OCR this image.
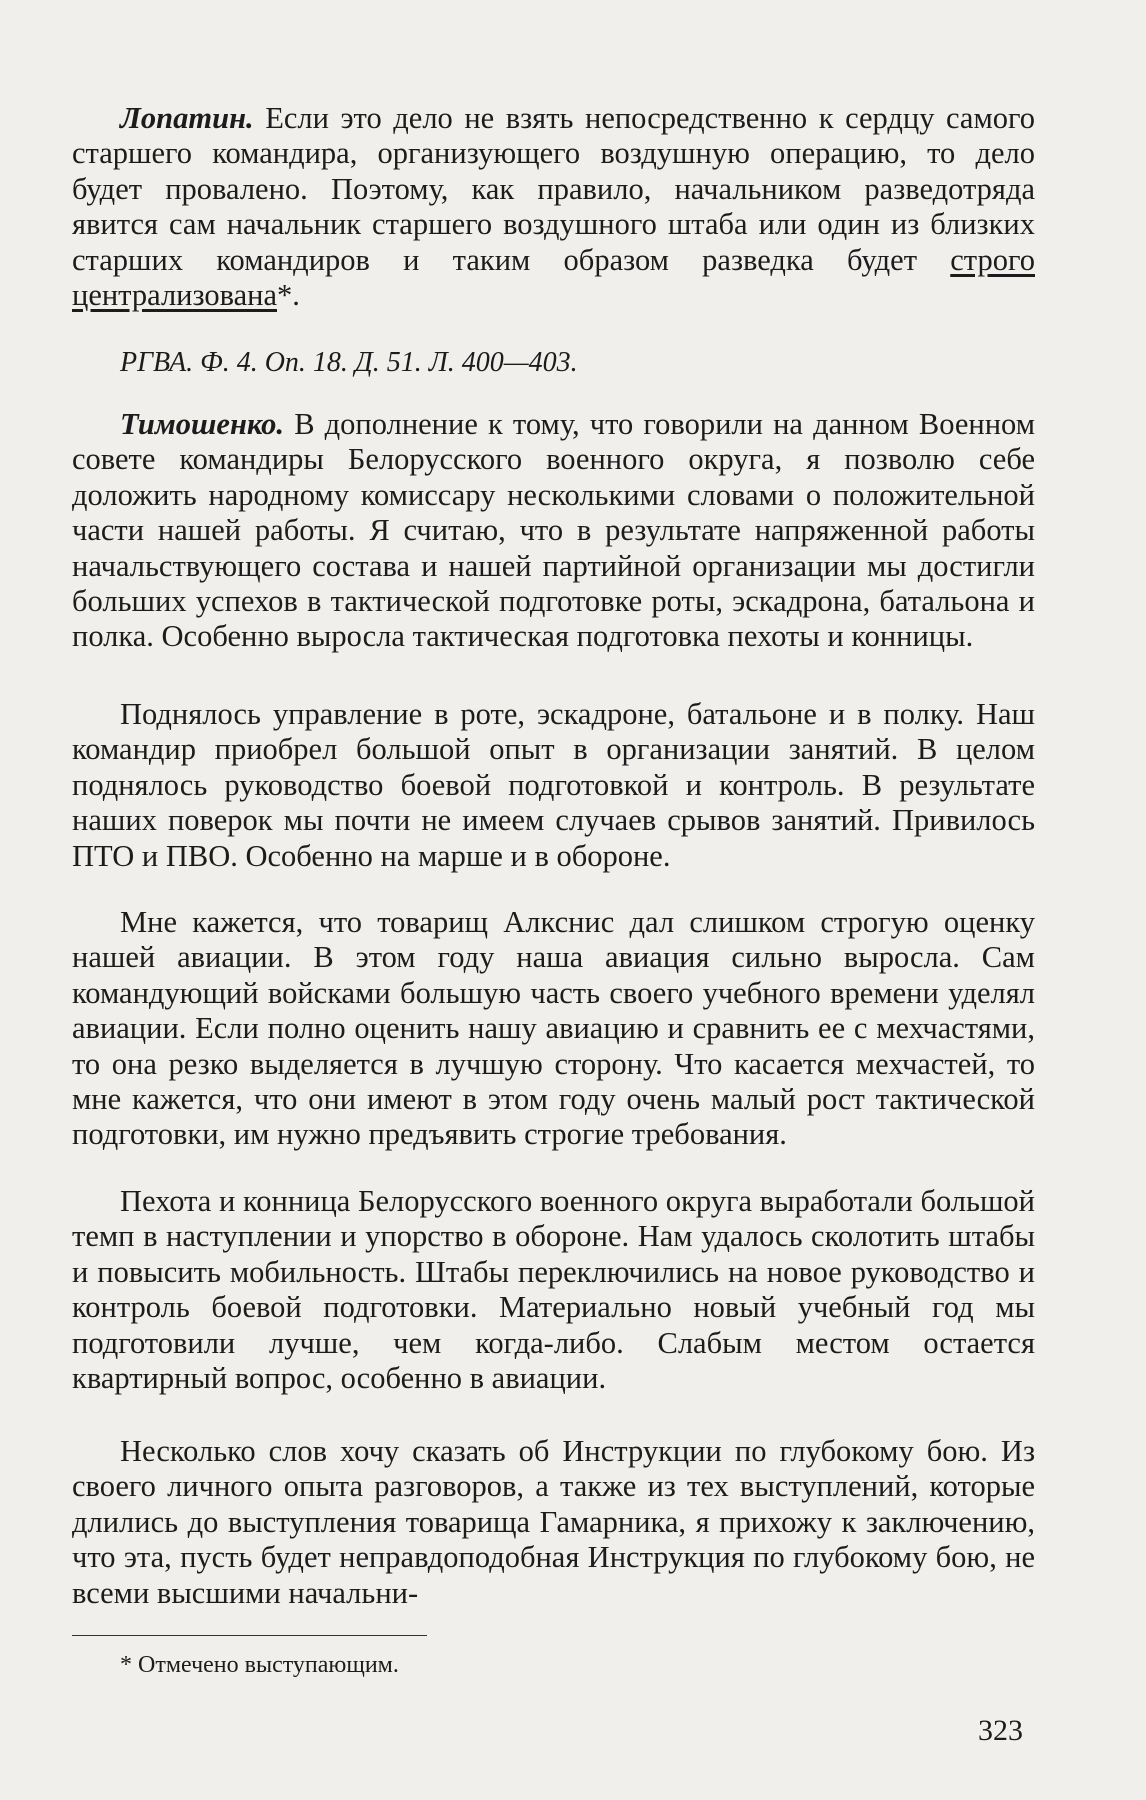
Лопатин. Если это дело не взять непосредственно к сердцу самого старшего командира, организующего воздушную операцию, то дело будет провалено. Поэтому, как правило, начальником разведотряда явится сам начальник старшего воздушного штаба или один из близких старших командиров и таким образом разведка будет строго централизована*.

РГВА. Ф. 4. Оп. 18. Д. 51. Л. 400—403.

Тимошенко. В дополнение к тому, что говорили на данном Военном совете командиры Белорусского военного округа, я позволю себе доложить народному комиссару несколькими словами о положительной части нашей работы. Я считаю, что в результате напряженной работы начальствующего состава и нашей партийной организации мы достигли больших успехов в тактической подготовке роты, эскадрона, батальона и полка. Особенно выросла тактическая подготовка пехоты и конницы.

Поднялось управление в роте, эскадроне, батальоне и в полку. Наш командир приобрел большой опыт в организации занятий. В целом поднялось руководство боевой подготовкой и контроль. В результате наших поверок мы почти не имеем случаев срывов занятий. Привилось ПТО и ПВО. Особенно на марше и в обороне.

Мне кажется, что товарищ Алкснис дал слишком строгую оценку нашей авиации. В этом году наша авиация сильно выросла. Сам командующий войсками большую часть своего учебного времени уделял авиации. Если полно оценить нашу авиацию и сравнить ее с мехчастями, то она резко выделяется в лучшую сторону. Что касается мехчастей, то мне кажется, что они имеют в этом году очень малый рост тактической подготовки, им нужно предъявить строгие требования.

Пехота и конница Белорусского военного округа выработали большой темп в наступлении и упорство в обороне. Нам удалось сколотить штабы и повысить мобильность. Штабы переключились на новое руководство и контроль боевой подготовки. Материально новый учебный год мы подготовили лучше, чем когда-либо. Слабым местом остается квартирный вопрос, особенно в авиации.

Несколько слов хочу сказать об Инструкции по глубокому бою. Из своего личного опыта разговоров, а также из тех выступлений, которые длились до выступления товарища Гамарника, я прихожу к заключению, что эта, пусть будет неправдоподобная Инструкция по глубокому бою, не всеми высшими начальни-

* Отмечено выступающим.
323
